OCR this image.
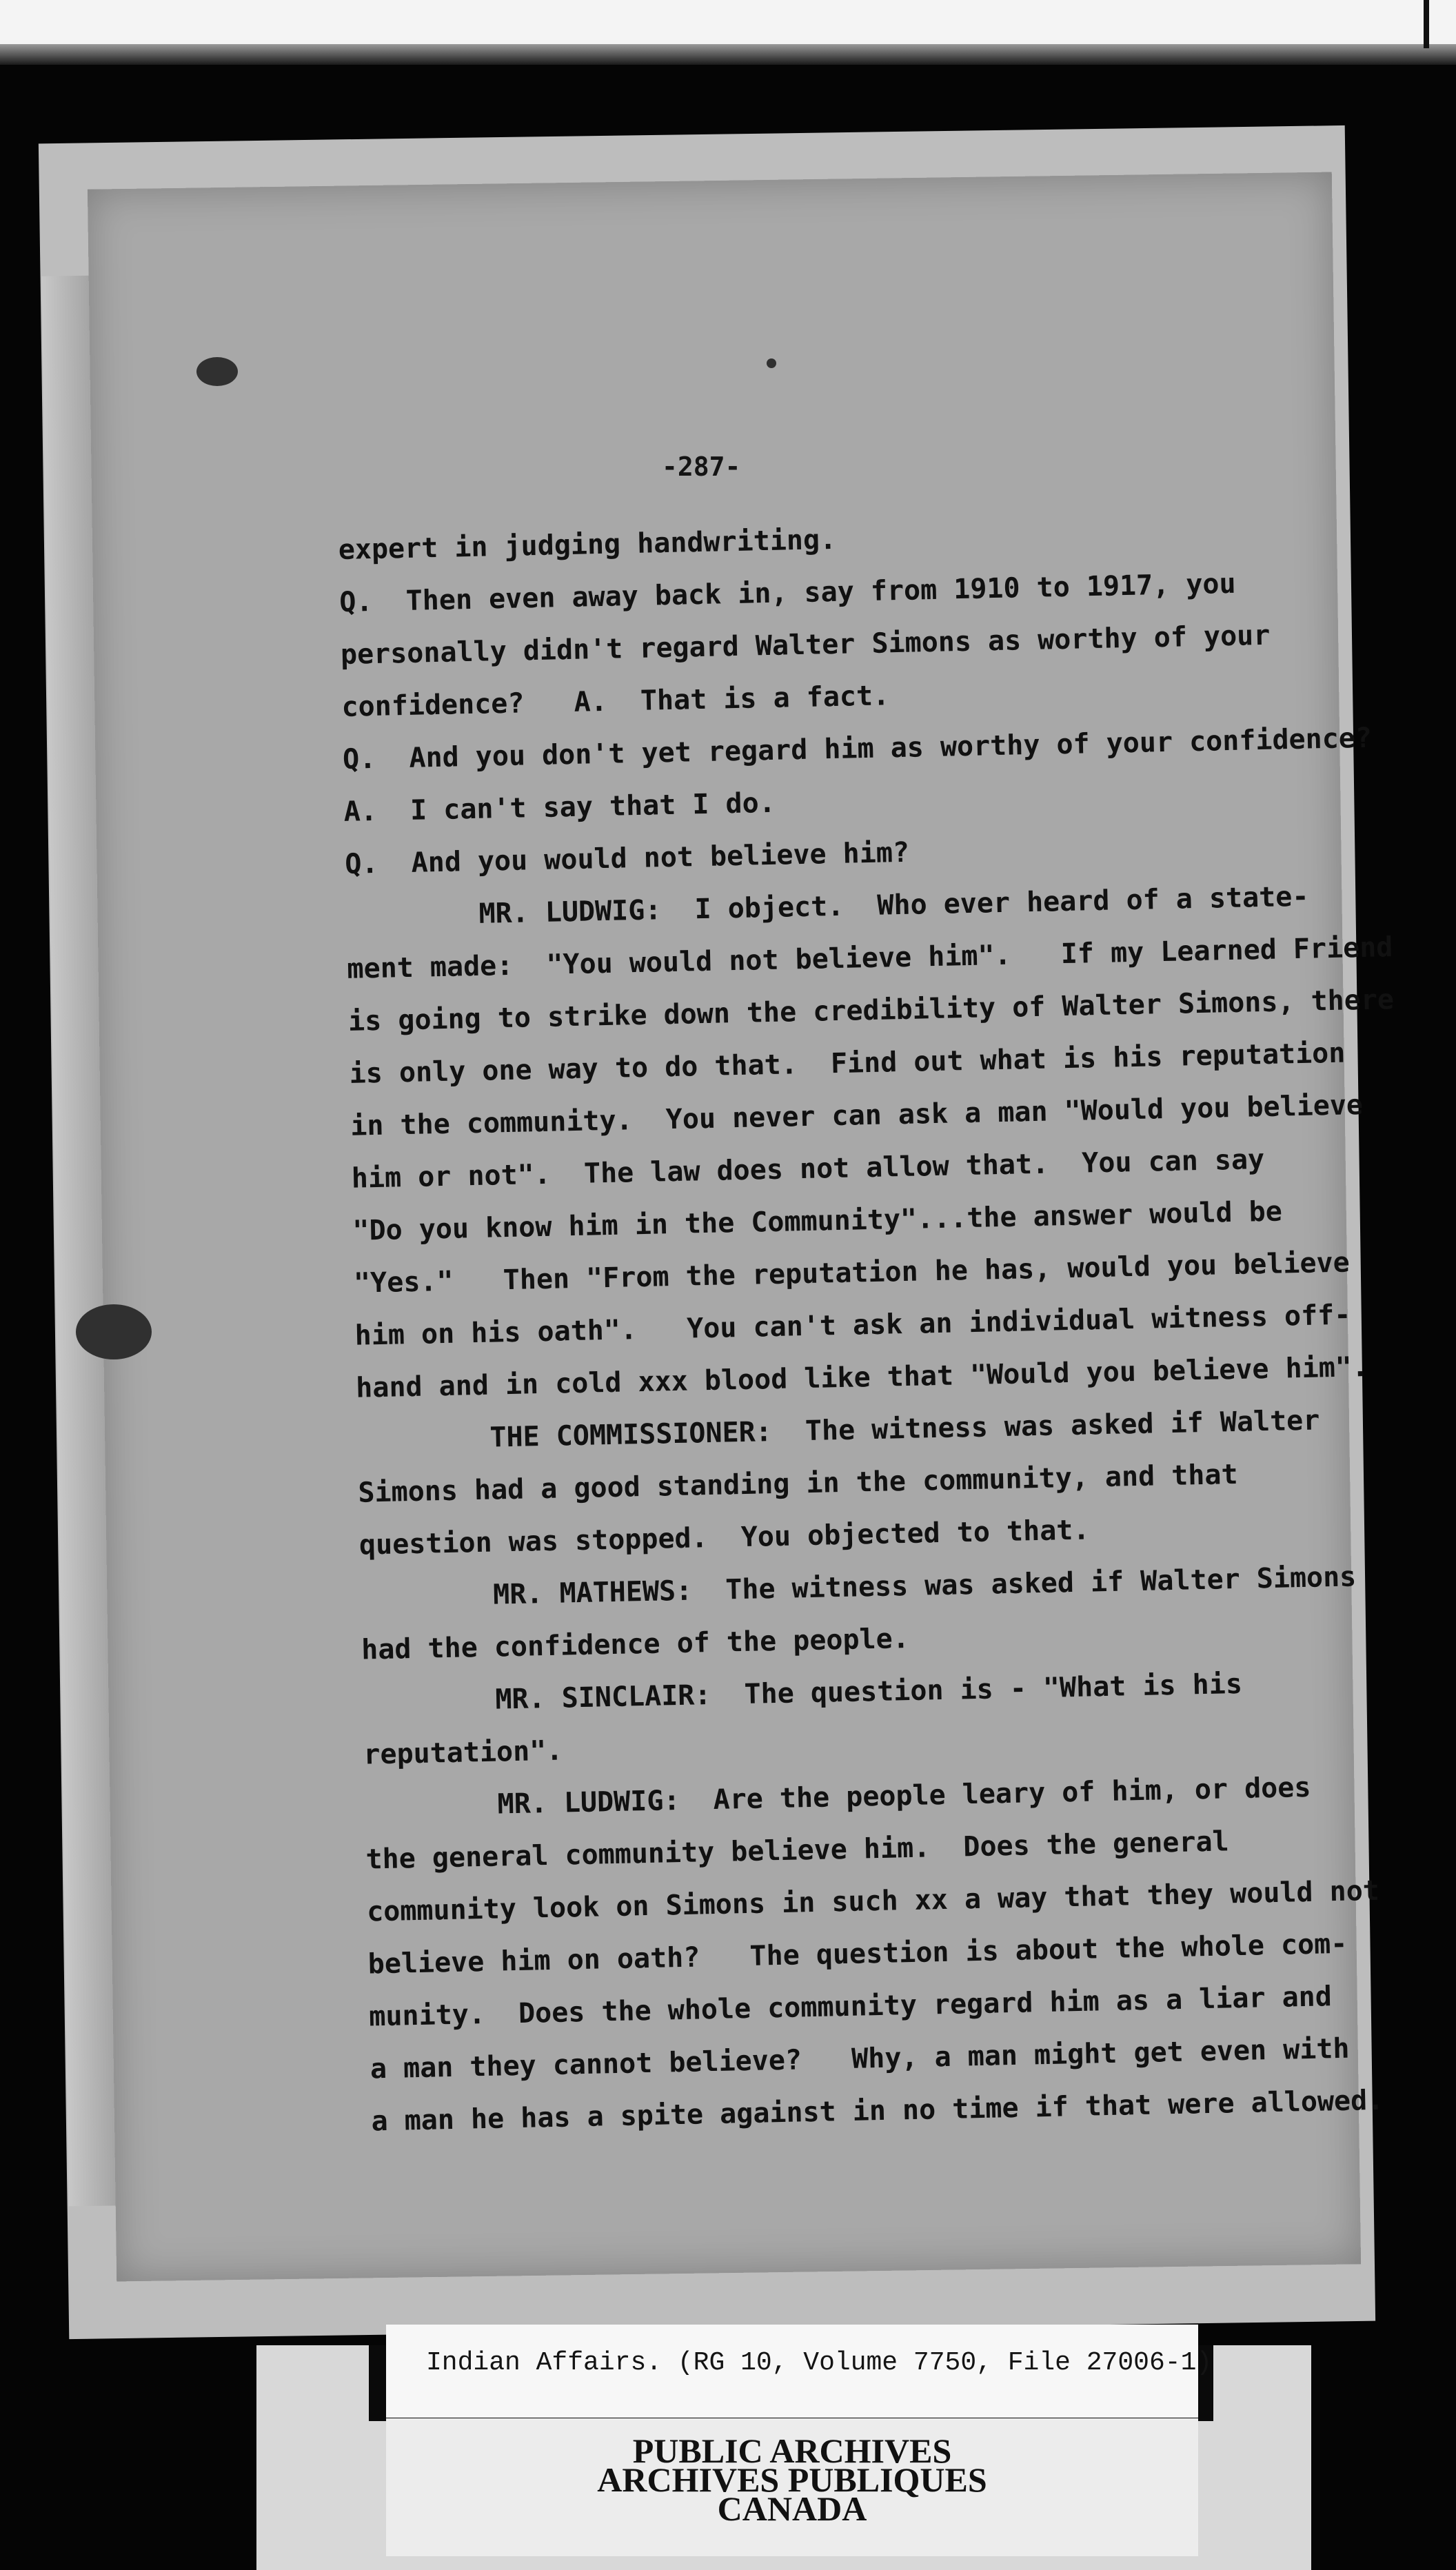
-287-
expert in judging handwriting.
Q.  Then even away back in, say from 1910 to 1917, you
personally didn't regard Walter Simons as worthy of your
confidence?   A.  That is a fact.
Q.  And you don't yet regard him as worthy of your confidence?
A.  I can't say that I do.
Q.  And you would not believe him?
MR. LUDWIG:  I object.  Who ever heard of a state-
ment made:  "You would not believe him".   If my Learned Friend
is going to strike down the credibility of Walter Simons, there
is only one way to do that.  Find out what is his reputation
in the community.  You never can ask a man "Would you believe
him or not".  The law does not allow that.  You can say
"Do you know him in the Community"...the answer would be
"Yes."   Then "From the reputation he has, would you believe
him on his oath".   You can't ask an individual witness off-
hand and in cold xxx blood like that "Would you believe him".
THE COMMISSIONER:  The witness was asked if Walter
Simons had a good standing in the community, and that
question was stopped.  You objected to that.
MR. MATHEWS:  The witness was asked if Walter Simons
had the confidence of the people.
MR. SINCLAIR:  The question is - "What is his
reputation".
MR. LUDWIG:  Are the people leary of him, or does
the general community believe him.  Does the general
community look on Simons in such xx a way that they would not
believe him on oath?   The question is about the whole com-
munity.  Does the whole community regard him as a liar and
a man they cannot believe?   Why, a man might get even with
a man he has a spite against in no time if that were allowed.
Indian Affairs. (RG 10, Volume 7750, File 27006-1)
PUBLIC ARCHIVES
ARCHIVES PUBLIQUES
CANADA
